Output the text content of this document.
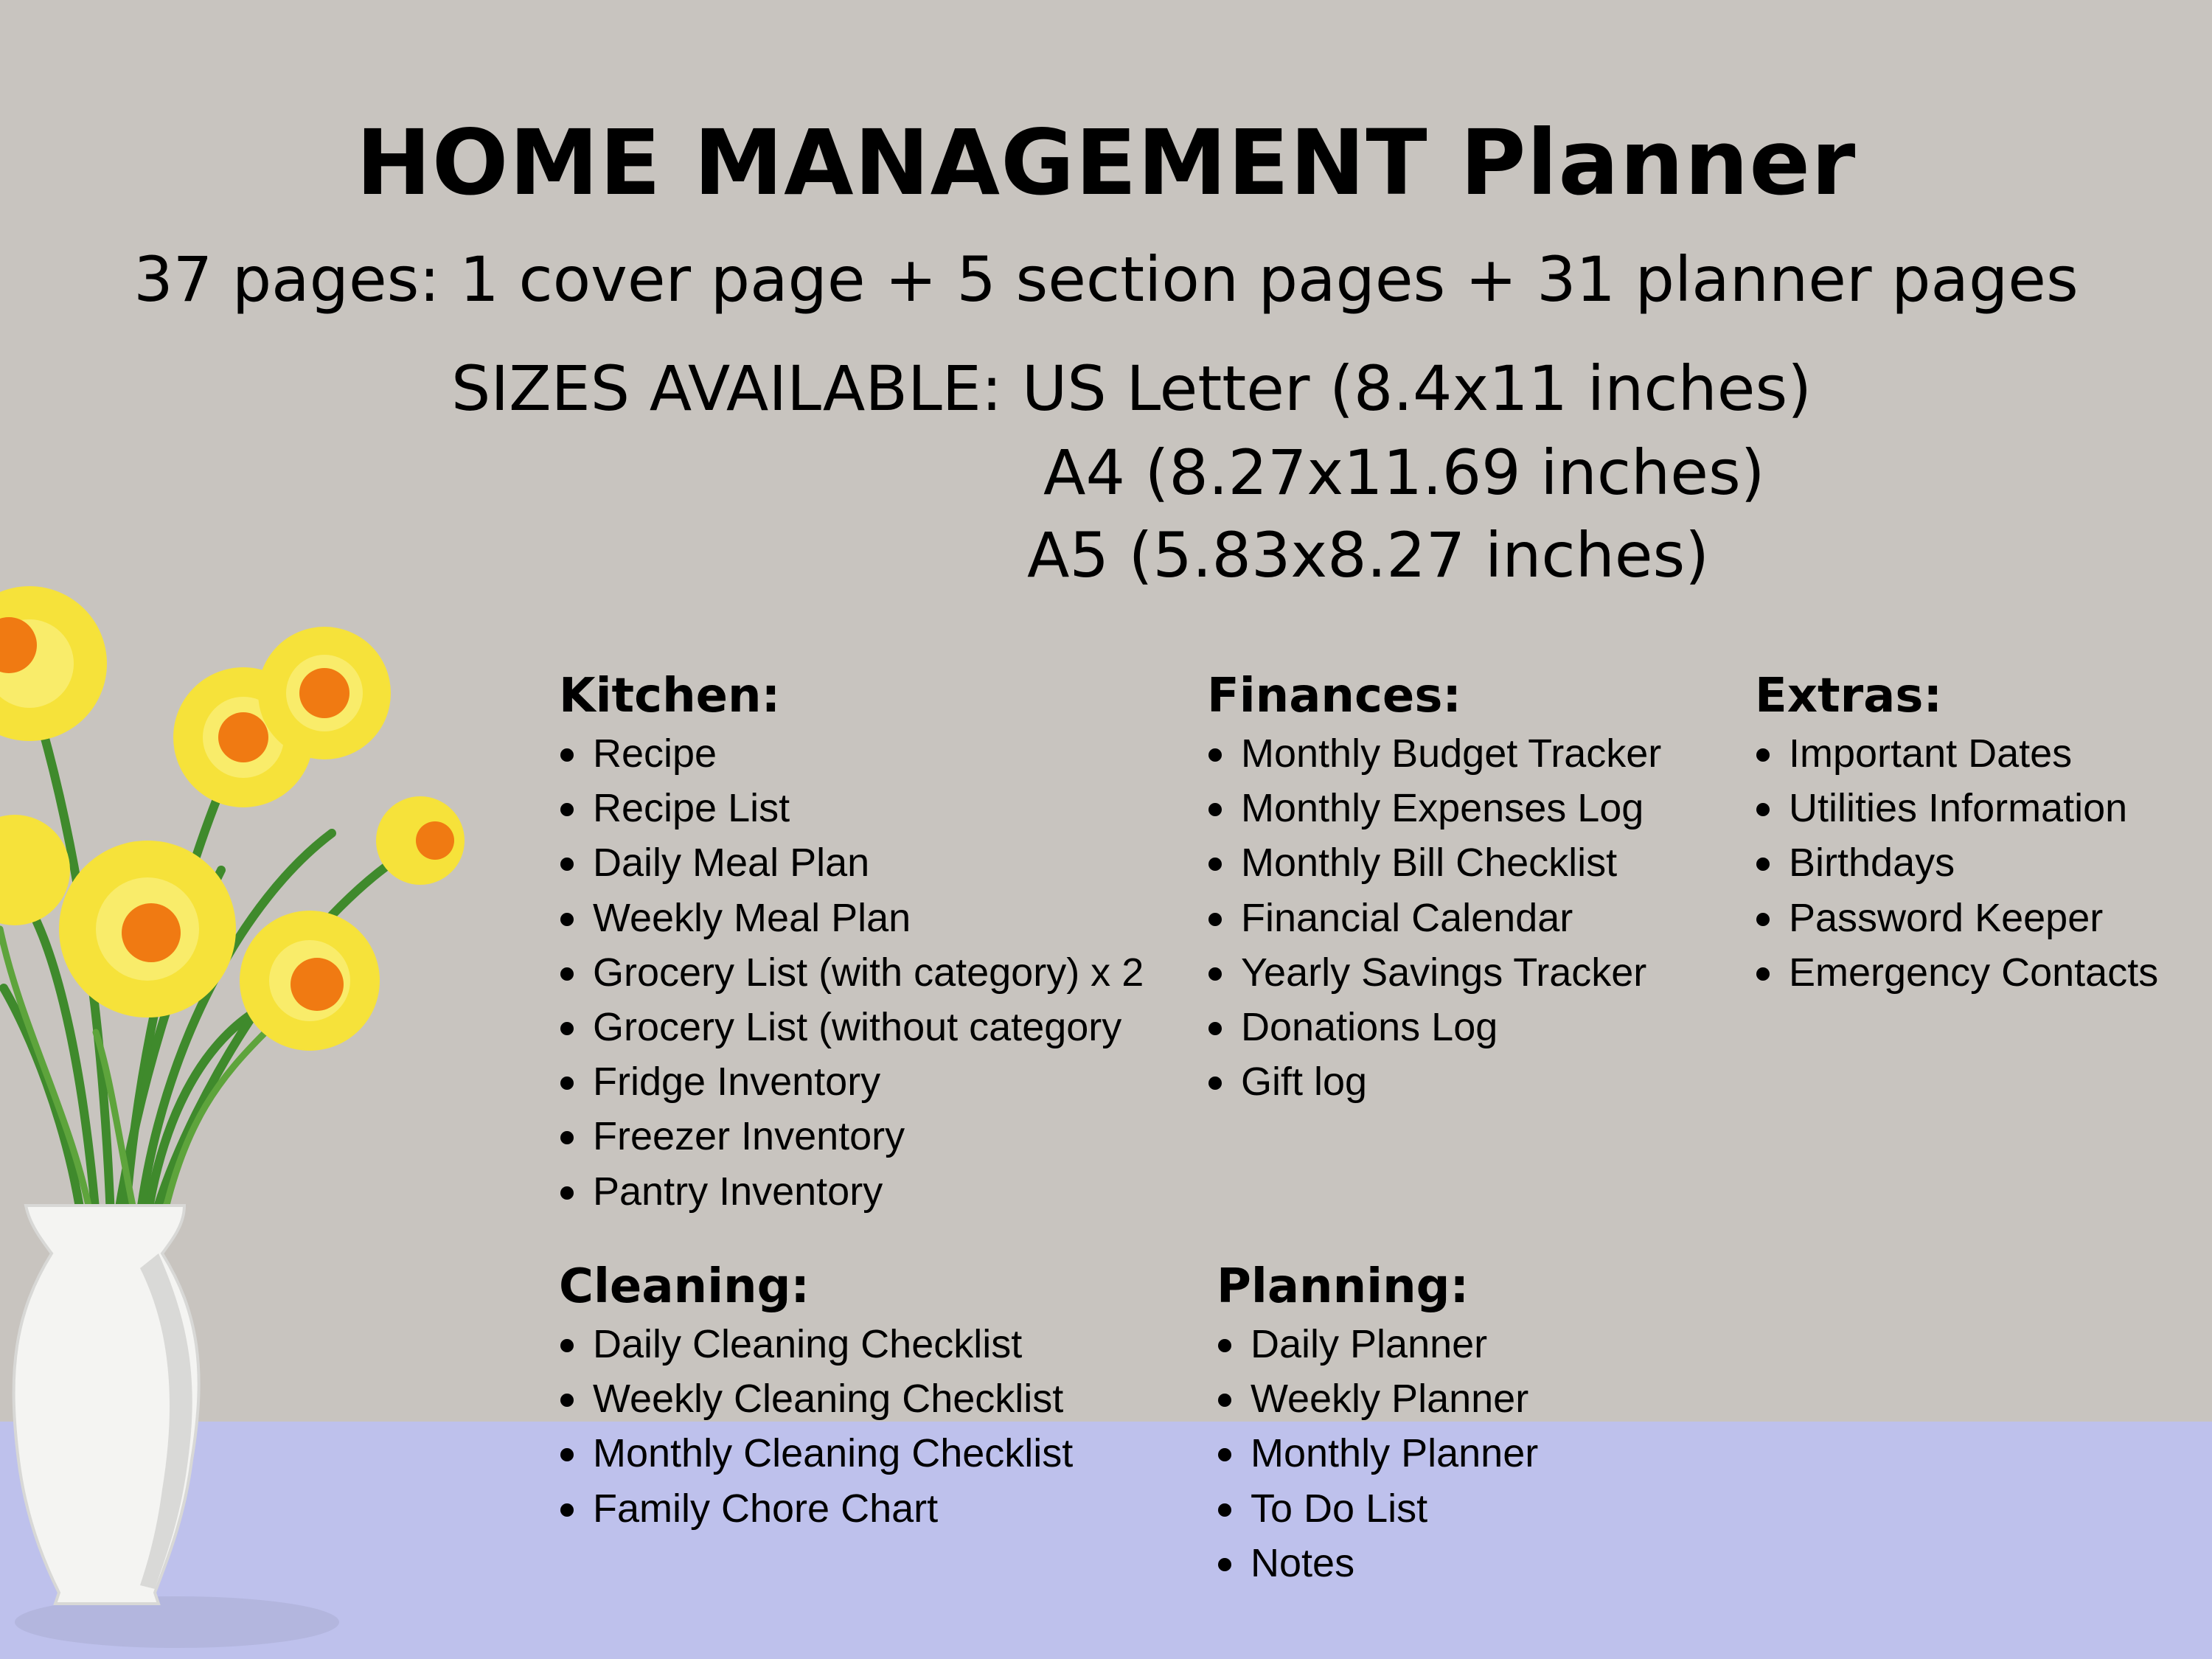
HOME MANAGEMENT Planner
37 pages: 1 cover page + 5 section pages + 31 planner pages
SIZES AVAILABLE: US Letter (8.4x11 inches)
A4 (8.27x11.69 inches)
A5 (5.83x8.27 inches)
Kitchen:
Recipe
Recipe List
Daily Meal Plan
Weekly Meal Plan
Grocery List (with category) x 2
Grocery List (without category
Fridge Inventory
Freezer Inventory
Pantry Inventory
Finances:
Monthly Budget Tracker
Monthly Expenses Log
Monthly Bill Checklist
Financial Calendar
Yearly Savings Tracker
Donations Log
Gift log
Extras:
Important Dates
Utilities Information
Birthdays
Password Keeper
Emergency Contacts
Cleaning:
Daily Cleaning Checklist
Weekly Cleaning Checklist
Monthly Cleaning Checklist
Family Chore Chart
Planning:
Daily Planner
Weekly Planner
Monthly Planner
To Do List
Notes
